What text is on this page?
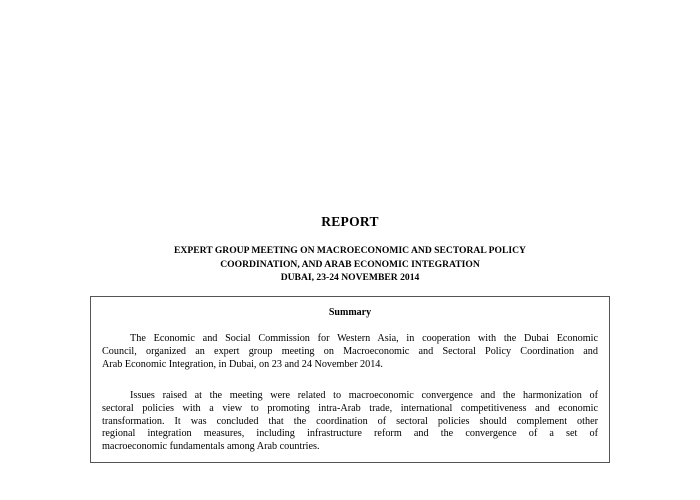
REPORT
EXPERT GROUP MEETING ON MACROECONOMIC AND SECTORAL POLICY
COORDINATION, AND ARAB ECONOMIC INTEGRATION
DUBAI, 23-24 NOVEMBER 2014
Summary

The Economic and Social Commission for Western Asia, in cooperation with the Dubai Economic
Council, organized an expert group meeting on Macroeconomic and Sectoral Policy Coordination and
Arab Economic Integration, in Dubai, on 23 and 24 November 2014.

Issues raised at the meeting were related to macroeconomic convergence and the harmonization of
sectoral policies with a view to promoting intra-Arab trade, international competitiveness and economic
transformation. It was concluded that the coordination of sectoral policies should complement other
regional integration measures, including infrastructure reform and the convergence of a set of
macroeconomic fundamentals among Arab countries.
